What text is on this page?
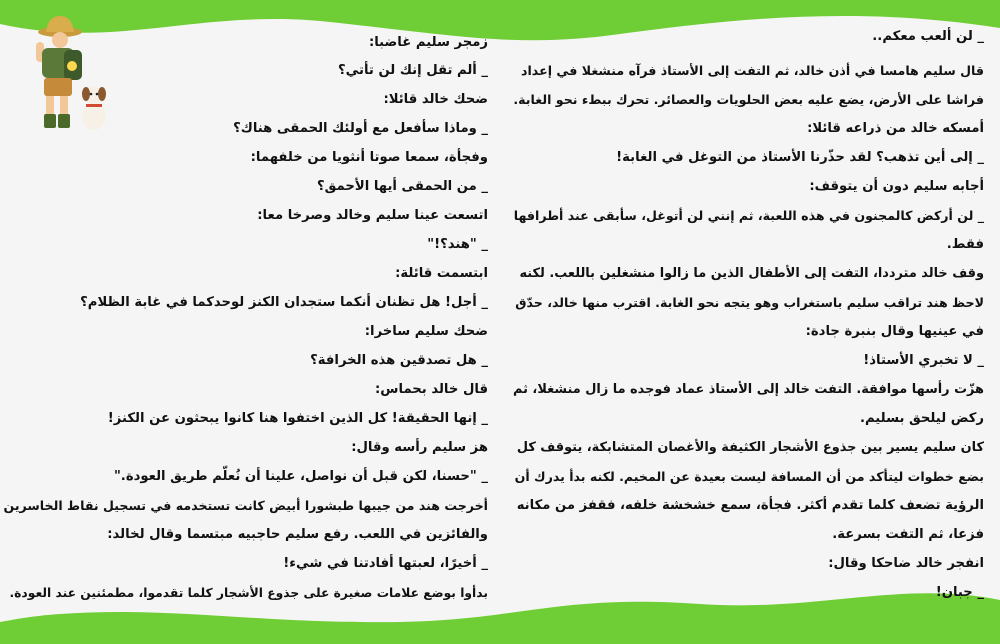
_ لن ألعب معكم..
قال سليم هامسا في أذن خالد، ثم التفت إلى الأستاذ فرآه منشغلا في إعداد
فراشا على الأرض، يضع عليه بعض الحلويات والعصائر. تحرك ببطء نحو الغابة.
أمسكه خالد من ذراعه قائلا:
_ إلى أين تذهب؟ لقد حذّرنا الأستاذ من التوغل في الغابة!
أجابه سليم دون أن يتوقف:
_ لن أركض كالمجنون في هذه اللعبة، ثم إنني لن أتوغل، سأبقى عند أطرافها
فقط.
وقف خالد مترددا، التفت إلى الأطفال الذين ما زالوا منشغلين باللعب. لكنه
لاحظ هند تراقب سليم باستغراب وهو يتجه نحو الغابة. اقترب منها خالد، حدّق
في عينيها وقال بنبرة جادة:
_ لا تخبري الأستاذ!
هزّت رأسها موافقة. التفت خالد إلى الأستاذ عماد فوجده ما زال منشغلا، ثم
ركض ليلحق بسليم.
كان سليم يسير بين جذوع الأشجار الكثيفة والأغصان المتشابكة، يتوقف كل
بضع خطوات ليتأكد من أن المسافة ليست بعيدة عن المخيم. لكنه بدأ يدرك أن
الرؤية تضعف كلما تقدم أكثر. فجأة، سمع خشخشة خلفه، فقفز من مكانه
فزعا، ثم التفت بسرعة.
انفجر خالد ضاحكا وقال:
_ جبان!
زمجر سليم غاضبا:
_ ألم تقل إنك لن تأتي؟
ضحك خالد قائلا:
_ وماذا سأفعل مع أولئك الحمقى هناك؟
وفجأة، سمعا صوتا أنثويا من خلفهما:
_ من الحمقى أيها الأحمق؟
اتسعت عينا سليم وخالد وصرخا معا:
_ "هند؟!"
ابتسمت قائلة:
_ أجل! هل تظنان أنكما ستجدان الكنز لوحدكما في غابة الظلام؟
ضحك سليم ساخرا:
_ هل تصدقين هذه الخرافة؟
قال خالد بحماس:
_ إنها الحقيقة! كل الذين اختفوا هنا كانوا يبحثون عن الكنز!
هز سليم رأسه وقال:
_ "حسنا، لكن قبل أن نواصل، علينا أن نُعلّم طريق العودة."
أخرجت هند من جيبها طبشورا أبيض كانت تستخدمه في تسجيل نقاط الخاسرين
والفائزين في اللعب. رفع سليم حاجبيه مبتسما وقال لخالد:
_ أخيرًا، لعبتها أفادتنا في شيء!
بدأوا بوضع علامات صغيرة على جذوع الأشجار كلما تقدموا، مطمئنين عند العودة.
